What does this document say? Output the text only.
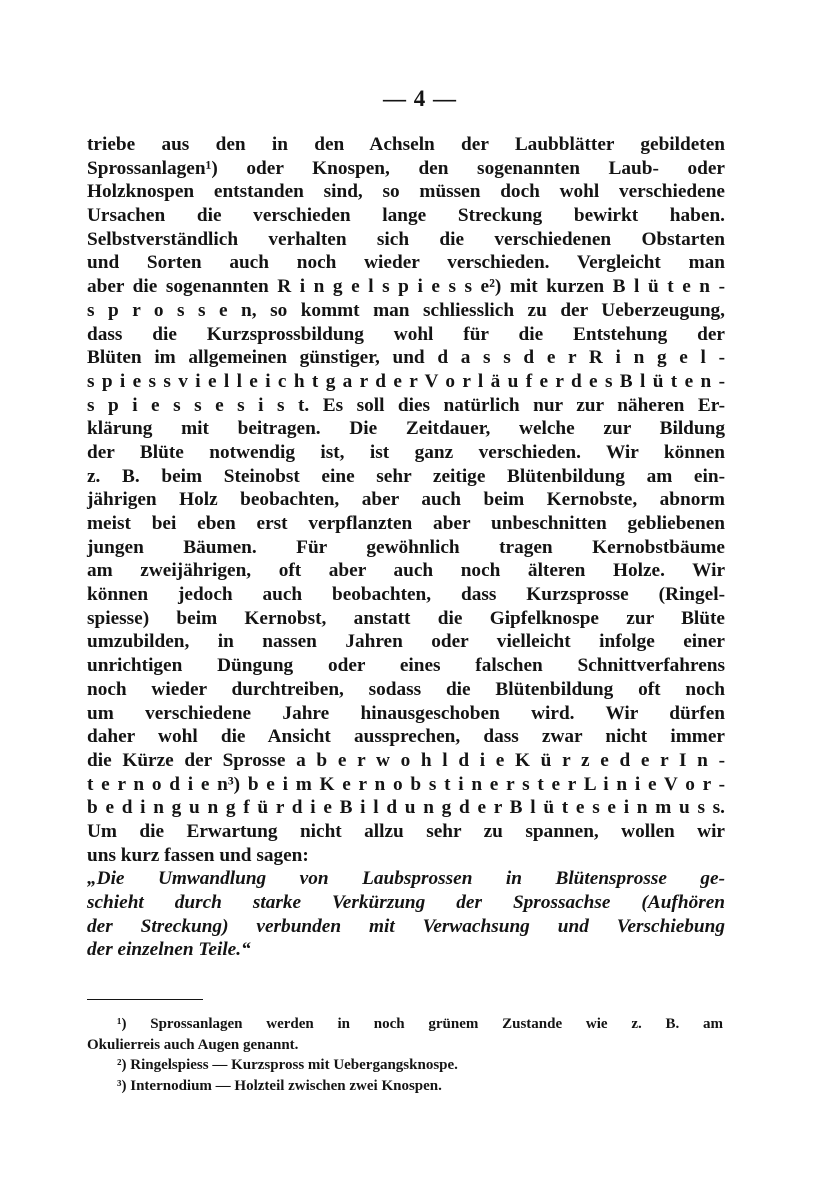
— 4 —
triebe aus den in den Achseln der Laubblätter gebildeten
Sprossanlagen¹) oder Knospen, den sogenannten Laub- oder
Holzknospen entstanden sind, so müssen doch wohl verschiedene
Ursachen die verschieden lange Streckung bewirkt haben.
Selbstverständlich verhalten sich die verschiedenen Obstarten
und Sorten auch noch wieder verschieden. Vergleicht man
aber die sogenannten R i n g e l s p i e s s e²) mit kurzen B l ü t e n -
s p r o s s e n, so kommt man schliesslich zu der Ueberzeugung,
dass die Kurzsprossbildung wohl für die Entstehung der
Blüten im allgemeinen günstiger, und d a s s d e r R i n g e l -
s p i e s s v i e l l e i c h t g a r d e r V o r l ä u f e r d e s B l ü t e n -
s p i e s s e s i s t. Es soll dies natürlich nur zur näheren Er-
klärung mit beitragen. Die Zeitdauer, welche zur Bildung
der Blüte notwendig ist, ist ganz verschieden. Wir können
z. B. beim Steinobst eine sehr zeitige Blütenbildung am ein-
jährigen Holz beobachten, aber auch beim Kernobste, abnorm
meist bei eben erst verpflanzten aber unbeschnitten gebliebenen
jungen Bäumen. Für gewöhnlich tragen Kernobstbäume
am zweijährigen, oft aber auch noch älteren Holze. Wir
können jedoch auch beobachten, dass Kurzsprosse (Ringel-
spiesse) beim Kernobst, anstatt die Gipfelknospe zur Blüte
umzubilden, in nassen Jahren oder vielleicht infolge einer
unrichtigen Düngung oder eines falschen Schnittverfahrens
noch wieder durchtreiben, sodass die Blütenbildung oft noch
um verschiedene Jahre hinausgeschoben wird. Wir dürfen
daher wohl die Ansicht aussprechen, dass zwar nicht immer
die Kürze der Sprosse a b e r w o h l d i e K ü r z e d e r I n -
t e r n o d i e n³) b e i m K e r n o b s t i n e r s t e r L i n i e V o r -
b e d i n g u n g f ü r d i e B i l d u n g d e r B l ü t e s e i n m u s s.
Um die Erwartung nicht allzu sehr zu spannen, wollen wir
uns kurz fassen und sagen:
„Die Umwandlung von Laubsprossen in Blütensprosse ge-
schieht durch starke Verkürzung der Sprossachse (Aufhören
der Streckung) verbunden mit Verwachsung und Verschiebung
der einzelnen Teile.“
¹) Sprossanlagen werden in noch grünem Zustande wie z. B. am
Okulierreis auch Augen genannt.
²) Ringelspiess — Kurzspross mit Uebergangsknospe.
³) Internodium — Holzteil zwischen zwei Knospen.
